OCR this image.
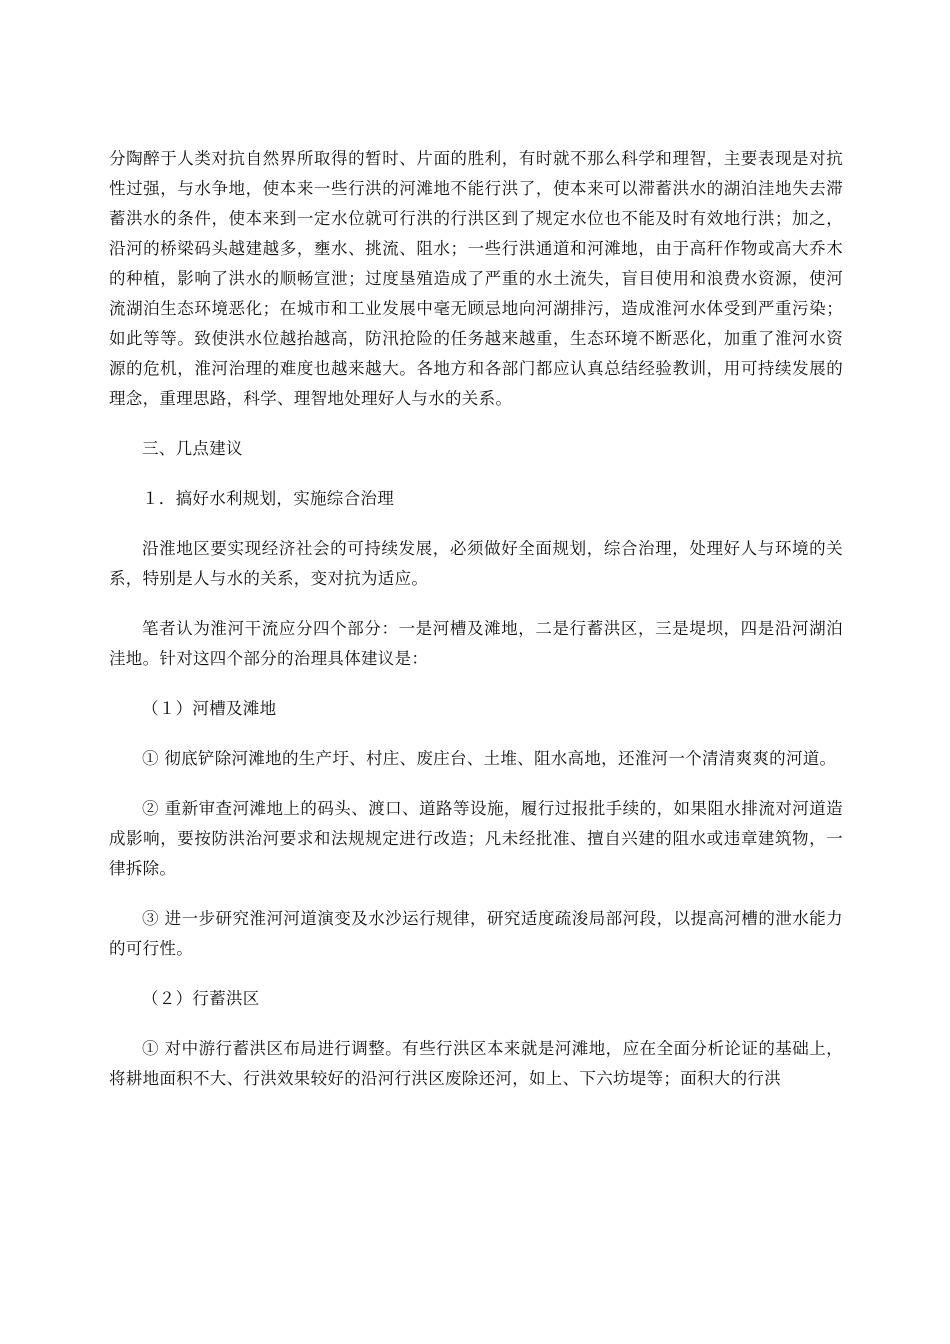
分陶醉于人类对抗自然界所取得的暂时、片面的胜利，有时就不那么科学和理智，主要表现是对抗性过强，与水争地，使本来一些行洪的河滩地不能行洪了，使本来可以滞蓄洪水的湖泊洼地失去滞蓄洪水的条件，使本来到一定水位就可行洪的行洪区到了规定水位也不能及时有效地行洪；加之，沿河的桥梁码头越建越多，壅水、挑流、阻水；一些行洪通道和河滩地，由于高秆作物或高大乔木的种植，影响了洪水的顺畅宣泄；过度垦殖造成了严重的水土流失，盲目使用和浪费水资源，使河流湖泊生态环境恶化；在城市和工业发展中毫无顾忌地向河湖排污，造成淮河水体受到严重污染；如此等等。致使洪水位越抬越高，防汛抢险的任务越来越重，生态环境不断恶化，加重了淮河水资源的危机，淮河治理的难度也越来越大。各地方和各部门都应认真总结经验教训，用可持续发展的理念，重理思路，科学、理智地处理好人与水的关系。

三、几点建议

１．搞好水利规划，实施综合治理

沿淮地区要实现经济社会的可持续发展，必须做好全面规划，综合治理，处理好人与环境的关系，特别是人与水的关系，变对抗为适应。

笔者认为淮河干流应分四个部分：一是河槽及滩地，二是行蓄洪区，三是堤坝，四是沿河湖泊洼地。针对这四个部分的治理具体建议是：

（１）河槽及滩地

① 彻底铲除河滩地的生产圩、村庄、废庄台、土堆、阻水高地，还淮河一个清清爽爽的河道。

② 重新审查河滩地上的码头、渡口、道路等设施，履行过报批手续的，如果阻水排流对河道造成影响，要按防洪治河要求和法规规定进行改造；凡未经批准、擅自兴建的阻水或违章建筑物，一律拆除。

③ 进一步研究淮河河道演变及水沙运行规律，研究适度疏浚局部河段，以提高河槽的泄水能力的可行性。

（２）行蓄洪区

① 对中游行蓄洪区布局进行调整。有些行洪区本来就是河滩地，应在全面分析论证的基础上，将耕地面积不大、行洪效果较好的沿河行洪区废除还河，如上、下六坊堤等；面积大的行洪
